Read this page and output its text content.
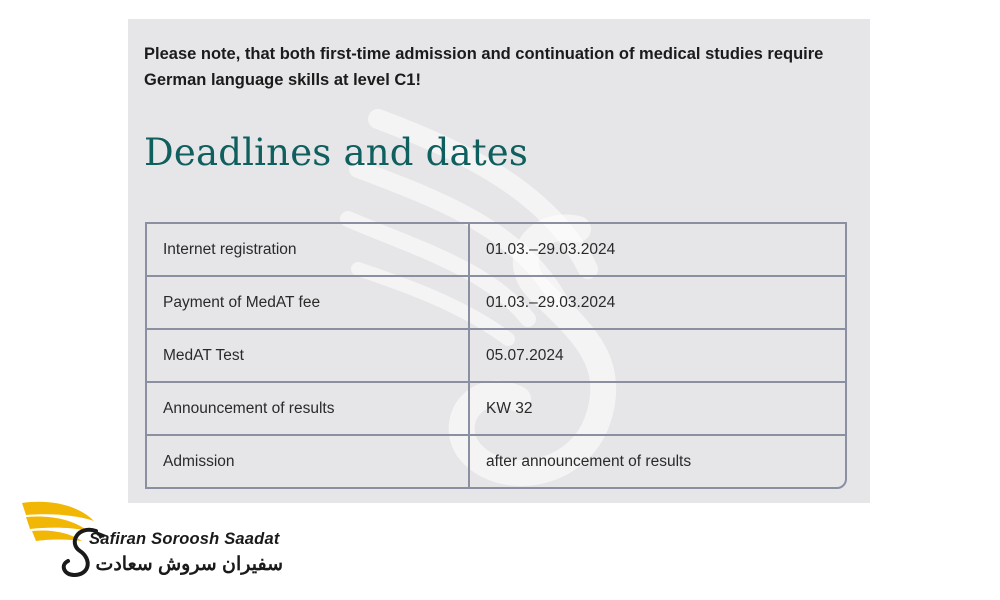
Please note, that both first-time admission and continuation of medical studies require German language skills at level C1!
Deadlines and dates
Internet registration	01.03.–29.03.2024
Payment of MedAT fee	01.03.–29.03.2024
MedAT Test	05.07.2024
Announcement of results	KW 32
Admission	after announcement of results
Safiran Soroosh Saadat
سفیران سروش سعادت
